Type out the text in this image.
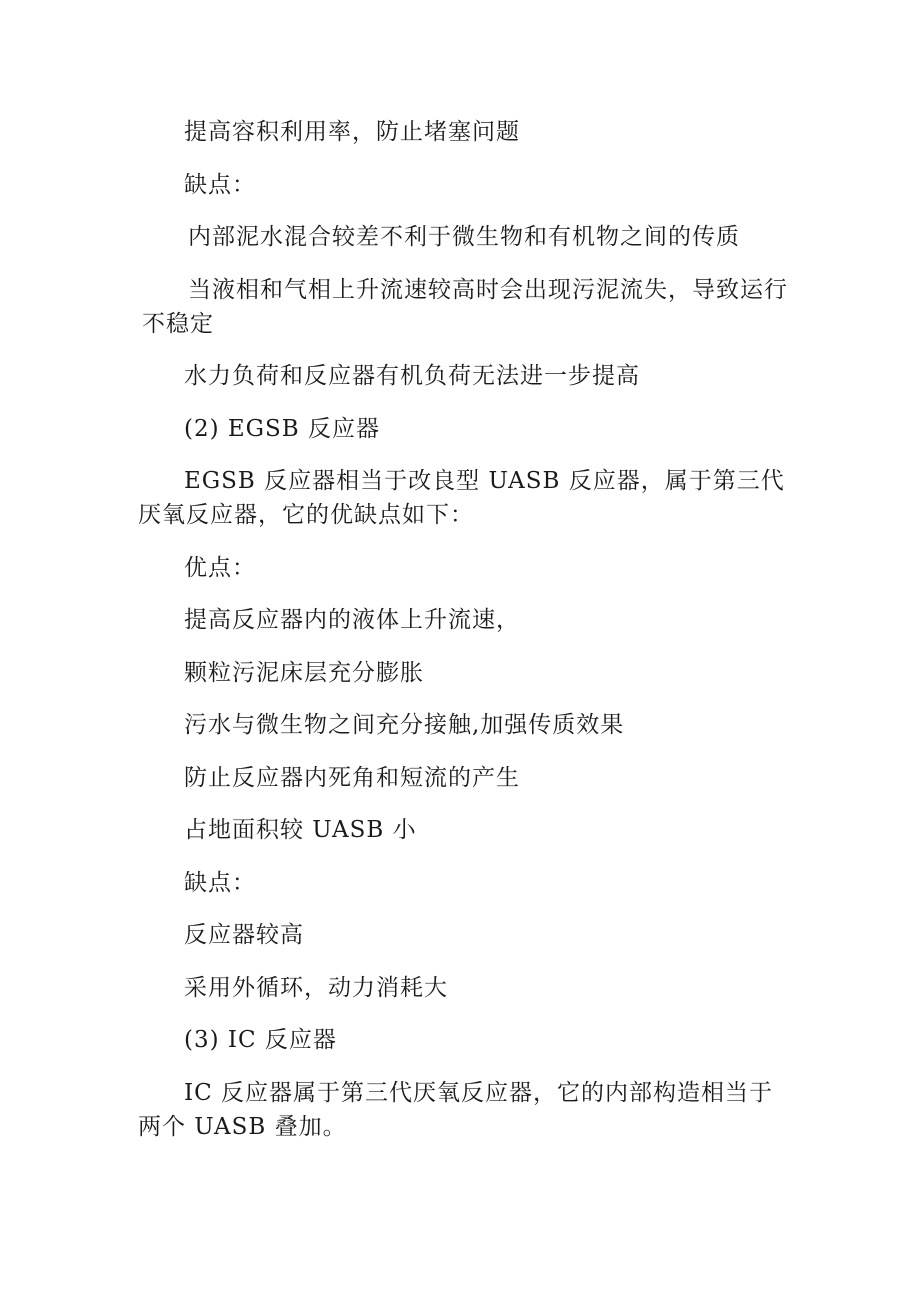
提高容积利用率，防止堵塞问题

缺点：

内部泥水混合较差不利于微生物和有机物之间的传质

当液相和气相上升流速较高时会出现污泥流失，导致运行不稳定

水力负荷和反应器有机负荷无法进一步提高

(2) EGSB 反应器

EGSB 反应器相当于改良型 UASB 反应器，属于第三代厌氧反应器，它的优缺点如下：

优点：

提高反应器内的液体上升流速，

颗粒污泥床层充分膨胀

污水与微生物之间充分接触,加强传质效果

防止反应器内死角和短流的产生

占地面积较 UASB 小

缺点：

反应器较高

采用外循环，动力消耗大

(3) IC 反应器

IC 反应器属于第三代厌氧反应器，它的内部构造相当于两个 UASB 叠加。
